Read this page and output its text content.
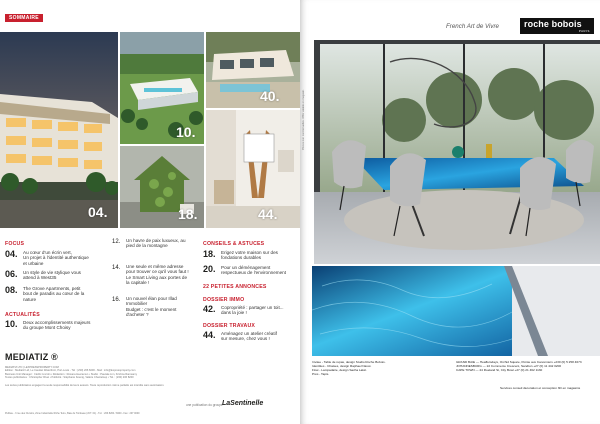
SOMMAIRE
04.
10.
18.
40.
44.
FOCUS
04.	Au cœur d'un écrin vert,
Un projet à l'identité authentique
et urbaine
06.	Un style de vie stylique vous
attend à West35
08.	The Grove Apartments, petit
bout de paradis au cœur de la
nature
ACTUALITÉS
10.	Deux accomplissements majeurs
du groupe Mont Choisy
12.	Un havre de paix luxueux, au
pied de la montagne
14.	Une seule et même adresse
pour trouver ce qu'il vous faut !
Le Smart Living aux portes de
la capitale !
16.	Un nouvel élan pour Illad
Immobilier
Budget : c'est le moment
d'acheter ?
CONSEILS & ASTUCES
18.	Erigez votre maison sur des
fondations durables
20.	Pour un déménagement
respectueux de l'environnement
22 PETITES ANNONCES
DOSSIER IMMO
42.	Copropriété : partager un toit...
dans la joie !
DOSSIER TRAVAUX
44.	Aménagez un atelier créatif
sur mesure, chez vous !
MEDIATIZ ®
MEDIATIZ LTD | LEXPRESSPROPERTY.COM
Edition : Mediatiz Ltd, Le Caudan Waterfront, Port-Louis - Tél : (230) 206 8200 - Mail : info@lexpressproperty.com
Business Unit Manager : Cédric Lincoln • Rédaction : Roxana Heeramun • Studio : Pascale Lim, Krishna Ramsamy
Textes publicitaires : Christopher Rivet • Publicité : Stéphanie Koenig, Valérie Chanteloup • Tél. : (230) 206 8200
Les textes publicitaires engagent la seule responsabilité de leurs auteurs. Toute reproduction même partielle est interdite sans autorisation.
une publication du groupe LaSentinelle
Publiée - 3 rue des Oursins, Zone Industrielle Riche Terre, Baie du Tombeau (JCT. 01) - Tél. : 206 8200 / 8400 - Fax : 207 0000
French Art de Vivre	roche bobois
PARIS
Photos non contractuelles. Offre valable en magasin.
Invitee - Table de repas, design Studio Roche Bobois.
Identities - Chaises, design Raphael Navot.
Flow - Lampadaire, design Sacha Lakic.
Prés - Tapis.
GRAND BAIE — Heaffersdays, Orchid Square, Pointe aux Canonniers +230 (0) 5 258 4673
JOHANNESBURG — 22 Commerce Crescent, Sandton +27 (0) 11 442 0200
CAPE TOWN — 44 Roeland St, City Bowl +27 (0) 21 462 1130
Services conseil décoration et conception 3D en magasins
